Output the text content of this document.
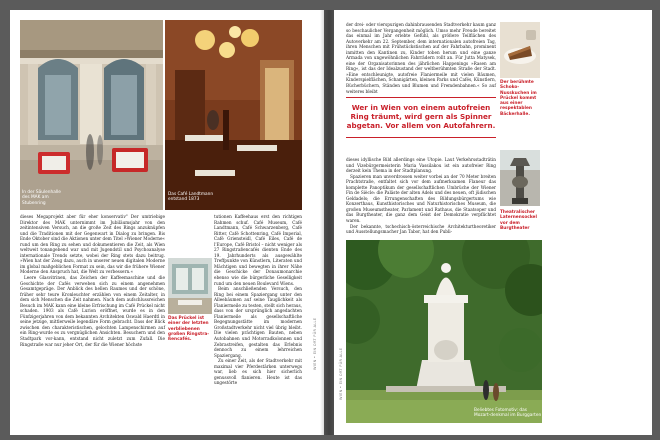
In der Säulenhalle des MAK am Stubenring
Das Café Landtmann entstand 1873

dieses Megaprojekt aber für eher konservativ" Der umtriebige Direktor des MAK unternimmt im Jubiläumsjahr von den zeitintensiven Versuch, an die große Zeit des Rings anzuknüpfen und die Traditionen mit der Gegenwart in Dialog zu bringen. Bis Ende Oktober sind die Aktionen unter dem Titel »Wiener Moderne« rund um den Ring zu sehen und dokumentieren die Zeit, als Wien weltweit tonangebend war und mit Jugendstil und Psychoanalyse internationale Trends setzte, wobei der Ring stets dazu beitrug. »Wien hat der Zeug dazu, auch in unserer neuen digitalen Moderne im global maßgeblichen Format zu sein, das wir die frühere Wiener Moderne den Anspruch hat, die Welt zu verbessern.«

Leere Glasvitrinen, das Zeichen der Kaffeemaschine und die Geschichte der Cafés verweben sich zu einem angenehmen Gesamtgepräge. Der Anblick des hellen Raumes und der schöne, früher sehr teure Kronleuchter erzählen von einem Zeitalter, in dem sich Menschen die Zeit nahmen. Nach dem aufschlussreichen Besuch im MAK kann eine kleine Erfrischung im Café Prückel nicht schaden. 1903 als Café Lurion eröffnet, wurde es in den Fünfzigerjahren von dem bekannten Architekten Oswald Haerdtl in seine jetzige, mittlerweile legendäre Form gebracht. Dass der Blick zwischen den charakteristischen, gelochten Lampenschirmen auf ein Ring-wurde es zu vergnüglichen Ansichten. Besuchern und den Stadtpark vor-kann, entstand nicht zuletzt zum Zufall. Die Ringstraße war nur jeher Ort, der für die Wiener höchste

Das Prückel ist einer der letzten verbliebenen großen Ringstraßencafés.

tutionen Kaffeehaus erst den richtigen Rahmen schuf. Café Museum, Café Landtmann, Café Schwarzenberg, Café Ritter, Café Schottenring, Café Imperial, Café Griensteidl, Café Eiles, Café de l'Europe, Café Bristol – nicht weniger als 27 Ringstraßencafés dienten Ende des 19. Jahrhunderts als ausgewählte Treffpunkte von Künstlern, Literaten und Mächtigen und bewegten in ihrer Nähe die Geschicke der Donaumonarchie ebenso wie die bürgerliche Geselligkeit rund um den neuen Boulevard Wiens.

Beim anschließenden Versuch, den Ring bei einem Spaziergang unter den Alleebäumen auf seine Tauglichkeit als Flaniermeile zu testen, stellt sich heraus, dass von der ursprünglich angedachten Flaniermeile als gesellschaftliche Begegnungsstätte im modernen Großstadtverkehr nicht viel übrig bleibt. Die vielen prächtigen Bauten, neben Autobahnen und Motorradkolonnen und Zebrastreifen, gestalten das Erlebnis dennoch zu einem lehrreichen Spaziergang.

Zu einer Zeit, als der Stadtverkehr mit maximal vier Pferdestärken unterwegs war, lieb es sich hier sicherlich genussvoll flanieren. Heute ist das ungestörte

WIEN • EIN ORT FÜR ALLE
WIEN • EIN ORT FÜR ALLE

der drei- oder vierspurigen dahinbrausenden Stadtverkehr kaum ganz so beschaulicher Vergangenheit möglich. Umso mehr Freude bereitet das einmal im Jahr erlebte Gefühl, als größere Teilflächen des Autoverkehr am 22. September, dem internationalen autofreien Tag, ihren Menschen mit Frühstückstischen auf der Fahrbahn, prominent inmitten den Kantinen zu, Kinder toben herum und eine ganze Armada von ungewöhnlichen Fahrrädern rollt an. Für Jutta Matysek, eine der Organisatorinnen des jährlichen Happenings »Rasen am Ring«, ist das der Idealzustand der weltberühmten Straße der Stadt. »Eine entschleunigte, autofreie Flaniermeile mit vielen Bäumen, Kinderspielflächen, Schanigärten, kleinen Parks und Cafés, Künstlern, Bücherbüchern, Ständen und Blumen und Fremdenbahnen.« So auf weiteres bleibt

Wer in Wien von einem autofreien Ring träumt, wird gern als Spinner abgetan. Vor allem von Autofahrern.

dieses idyllische Bild allerdings eine Utopie. Laut Verkehrsstadträtin und Vizebürgermeisterin Maria Vassilakou ist ein autofreier Ring derzeit kein Thema in der Stadtplanung.

Spazieren man unverdrossen weiter vorbei an der 70 Meter breiten Prachtstraße, entfaltet sich vor dem aufmerksamen Flaneur das komplette Panoptikum der gesellschaftlichen Umbrüche der Wiener Fin de Siècle: die Paläste der alten Adels und des neuen, oft jüdischen Geldadels; die Errungenschaften des Bildungsbürgertums wie Konzerthaus, Kunsthistorisches und Naturhistorisches Museum, die großen Museumstheater, Parlament und Rathaus, die Staatsoper und das Burgtheater, die ganz dem Geist der Demokratie verpflichtet waren.

Der bekannte, tschechisch-österreichische Architekturtheoretiker und Ausstellungsmacher Jan Tabor, hat den Publi-

Der berühmte Schoko-Nusskuchen im Prückel kommt aus einer respektablen Bäckerhalle.
Theatralischer Laternensockel vor dem Burgtheater
Beliebtes Fotomotiv: das Mozart-denkmal im Burggarten
